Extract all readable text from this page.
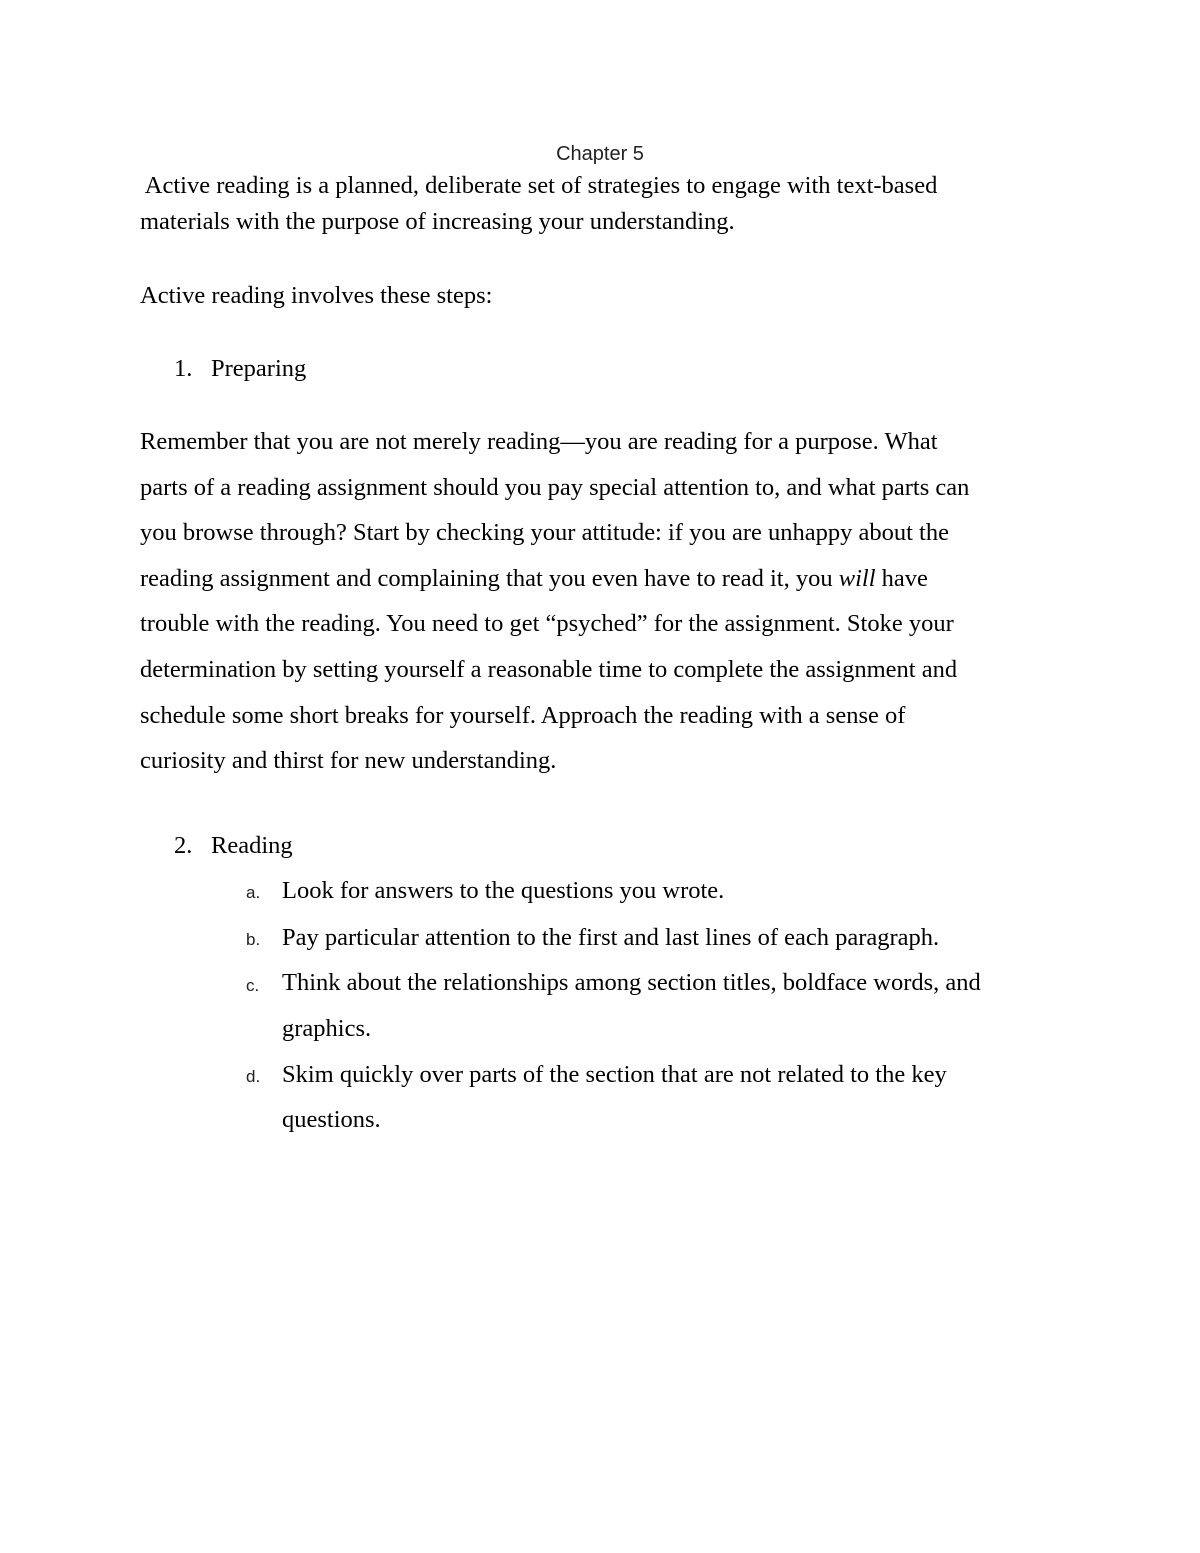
Chapter 5
Active reading is a planned, deliberate set of strategies to engage with text-based
materials with the purpose of increasing your understanding.
Active reading involves these steps:
1. Preparing
Remember that you are not merely reading—you are reading for a purpose. What
parts of a reading assignment should you pay special attention to, and what parts can
you browse through? Start by checking your attitude: if you are unhappy about the
reading assignment and complaining that you even have to read it, you will have
trouble with the reading. You need to get “psyched” for the assignment. Stoke your
determination by setting yourself a reasonable time to complete the assignment and
schedule some short breaks for yourself. Approach the reading with a sense of
curiosity and thirst for new understanding.
2. Reading
a. Look for answers to the questions you wrote.
b. Pay particular attention to the first and last lines of each paragraph.
c. Think about the relationships among section titles, boldface words, and
graphics.
d. Skim quickly over parts of the section that are not related to the key
questions.
